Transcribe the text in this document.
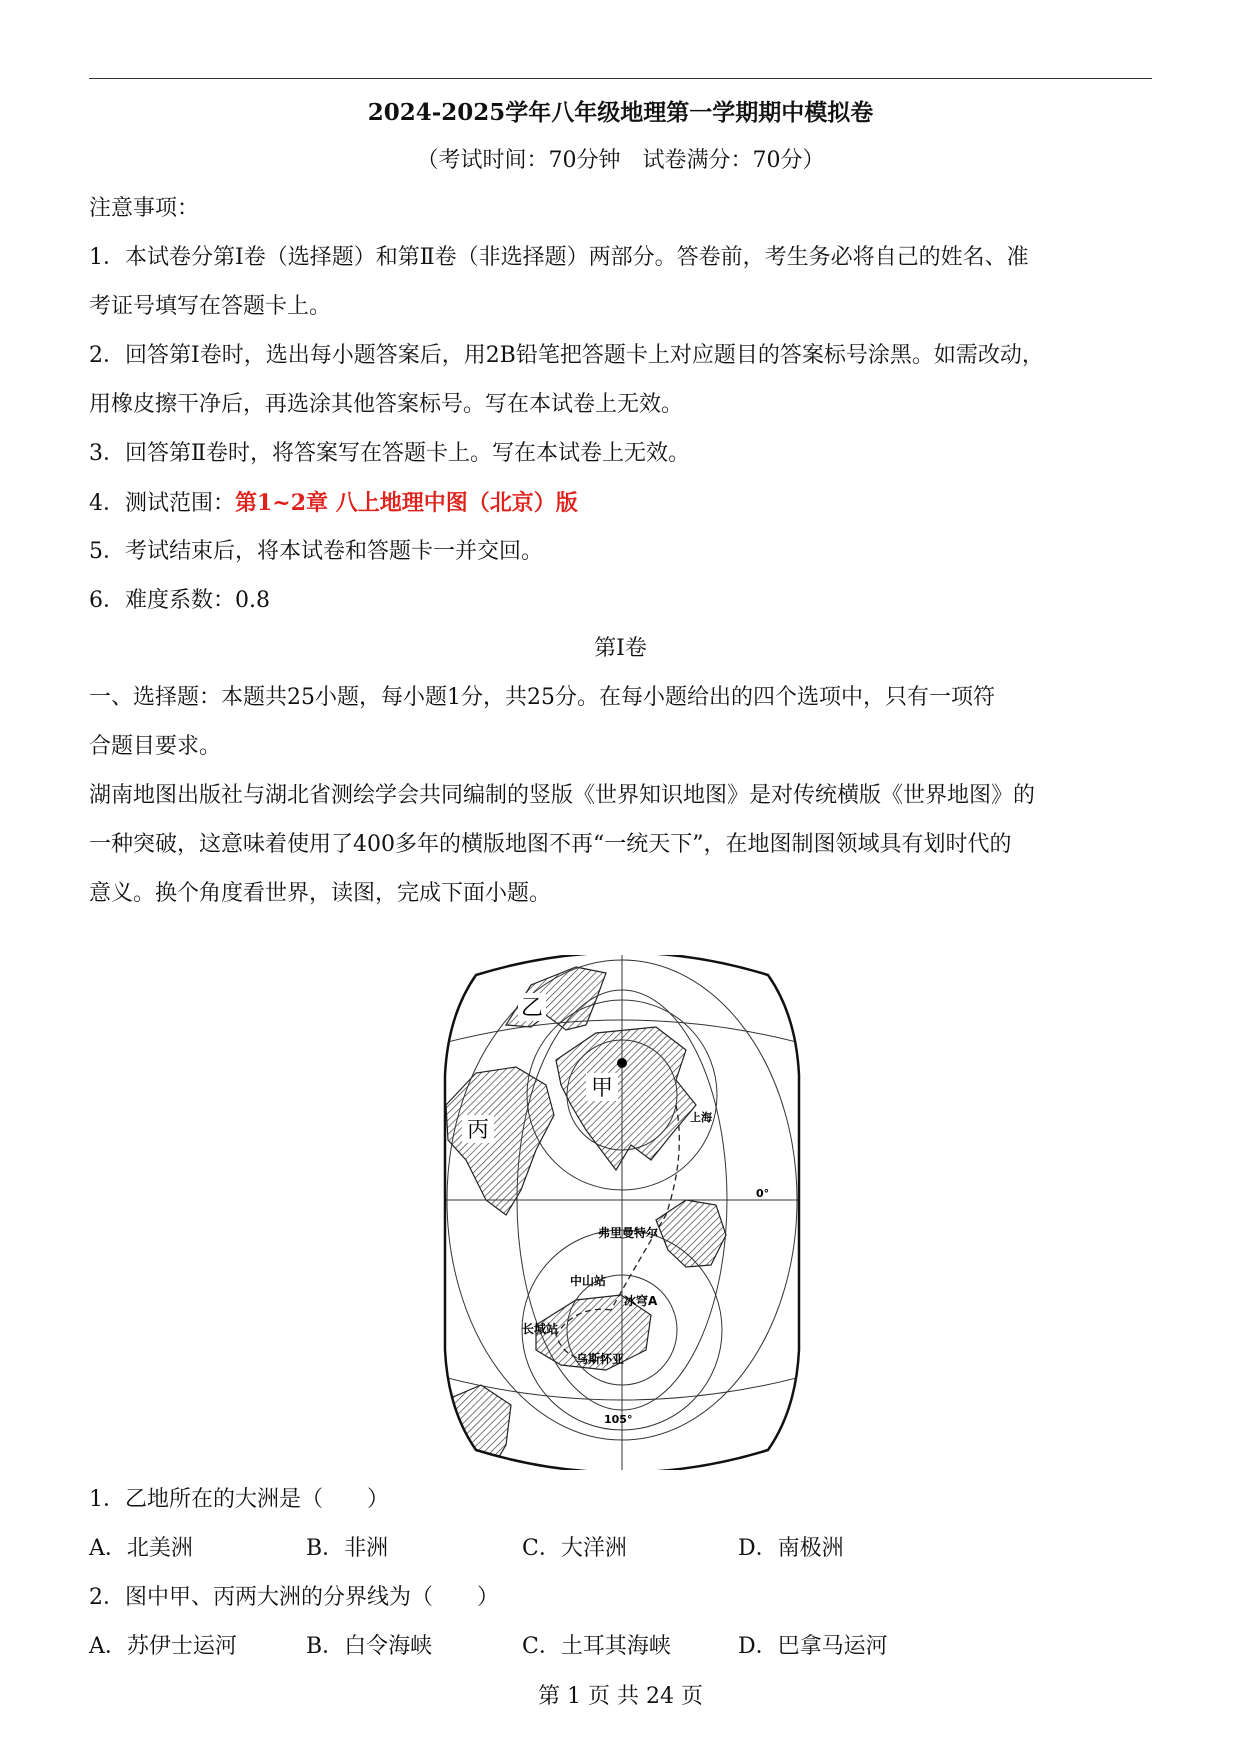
2024-2025学年八年级地理第一学期期中模拟卷
（考试时间：70分钟　试卷满分：70分）
注意事项：
1．本试卷分第Ⅰ卷（选择题）和第Ⅱ卷（非选择题）两部分。答卷前，考生务必将自己的姓名、准
考证号填写在答题卡上。
2．回答第Ⅰ卷时，选出每小题答案后，用2B铅笔把答题卡上对应题目的答案标号涂黑。如需改动，
用橡皮擦干净后，再选涂其他答案标号。写在本试卷上无效。
3．回答第Ⅱ卷时，将答案写在答题卡上。写在本试卷上无效。
4．测试范围：第1~2章 八上地理中图（北京）版
5．考试结束后，将本试卷和答题卡一并交回。
6．难度系数：0.8
第Ⅰ卷
一、选择题：本题共25小题，每小题1分，共25分。在每小题给出的四个选项中，只有一项符
合题目要求。
湖南地图出版社与湖北省测绘学会共同编制的竖版《世界知识地图》是对传统横版《世界地图》的
一种突破，这意味着使用了400多年的横版地图不再“一统天下”，在地图制图领域具有划时代的
意义。换个角度看世界，读图，完成下面小题。
乙
甲
丙
上海
0°
弗里曼特尔
中山站
冰穹A
长城站
乌斯怀亚
105°
1．乙地所在的大洲是（　　）
A．北美洲	B．非洲	C．大洋洲	D．南极洲
2．图中甲、丙两大洲的分界线为（　　）
A．苏伊士运河	B．白令海峡	C．土耳其海峡	D．巴拿马运河
第 1 页 共 24 页
